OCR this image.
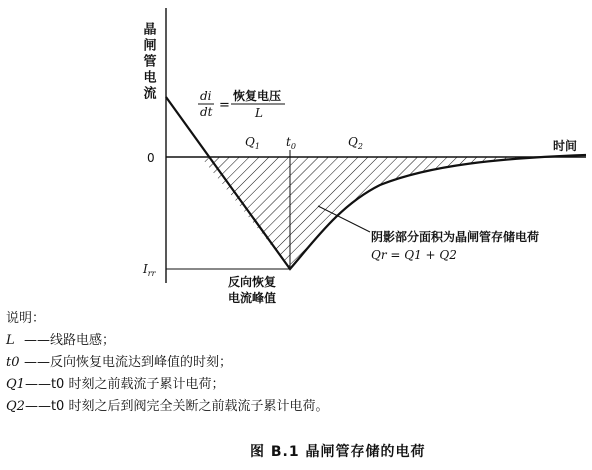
晶闸管电流
0
$I_{rr}$
时间
$Q_1$ $t_0$	$Q_2$
di
dt =
恢复电压
L
反向恢复
电流峰值
阴影部分面积为晶闸管存储电荷
Qr = Q1 + Q2
说明：
L ——线路电感；
t0 ——反向恢复电流达到峰值的时刻；
Q1——t0 时刻之前载流子累计电荷；
Q2——t0 时刻之后到阀完全关断之前载流子累计电荷。
图 B.1 晶闸管存储的电荷
